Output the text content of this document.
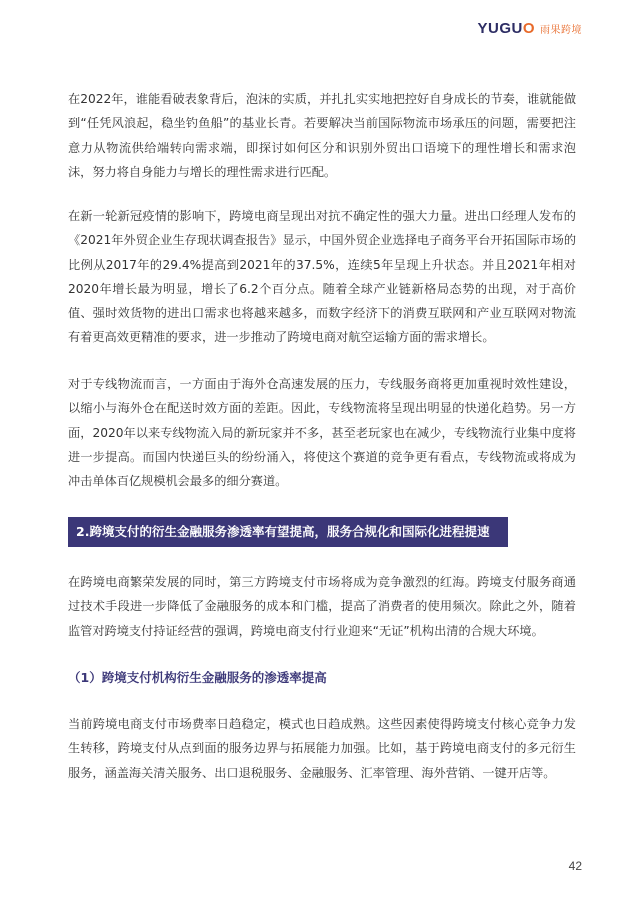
YUGUO 雨果跨境

在2022年，谁能看破表象背后，泡沫的实质，并扎扎实实地把控好自身成长的节奏，谁就能做到“任凭风浪起，稳坐钓鱼船”的基业长青。若要解决当前国际物流市场承压的问题，需要把注意力从物流供给端转向需求端，即探讨如何区分和识别外贸出口语境下的理性增长和需求泡沫，努力将自身能力与增长的理性需求进行匹配。

在新一轮新冠疫情的影响下，跨境电商呈现出对抗不确定性的强大力量。进出口经理人发布的《2021年外贸企业生存现状调查报告》显示，中国外贸企业选择电子商务平台开拓国际市场的比例从2017年的29.4%提高到2021年的37.5%，连续5年呈现上升状态。并且2021年相对2020年增长最为明显，增长了6.2个百分点。随着全球产业链新格局态势的出现，对于高价值、强时效货物的进出口需求也将越来越多，而数字经济下的消费互联网和产业互联网对物流有着更高效更精准的要求，进一步推动了跨境电商对航空运输方面的需求增长。

对于专线物流而言，一方面由于海外仓高速发展的压力，专线服务商将更加重视时效性建设，以缩小与海外仓在配送时效方面的差距。因此，专线物流将呈现出明显的快递化趋势。另一方面，2020年以来专线物流入局的新玩家并不多，甚至老玩家也在减少，专线物流行业集中度将进一步提高。而国内快递巨头的纷纷涌入，将使这个赛道的竞争更有看点，专线物流或将成为冲击单体百亿规模机会最多的细分赛道。

在跨境电商繁荣发展的同时，第三方跨境支付市场将成为竞争激烈的红海。跨境支付服务商通过技术手段进一步降低了金融服务的成本和门槛，提高了消费者的使用频次。除此之外，随着监管对跨境支付持证经营的强调，跨境电商支付行业迎来“无证”机构出清的合规大环境。

（1）跨境支付机构衍生金融服务的渗透率提高

当前跨境电商支付市场费率日趋稳定，模式也日趋成熟。这些因素使得跨境支付核心竞争力发生转移，跨境支付从点到面的服务边界与拓展能力加强。比如，基于跨境电商支付的多元衍生服务，涵盖海关清关服务、出口退税服务、金融服务、汇率管理、海外营销、一键开店等。

2.跨境支付的衍生金融服务渗透率有望提高，服务合规化和国际化进程提速
42
